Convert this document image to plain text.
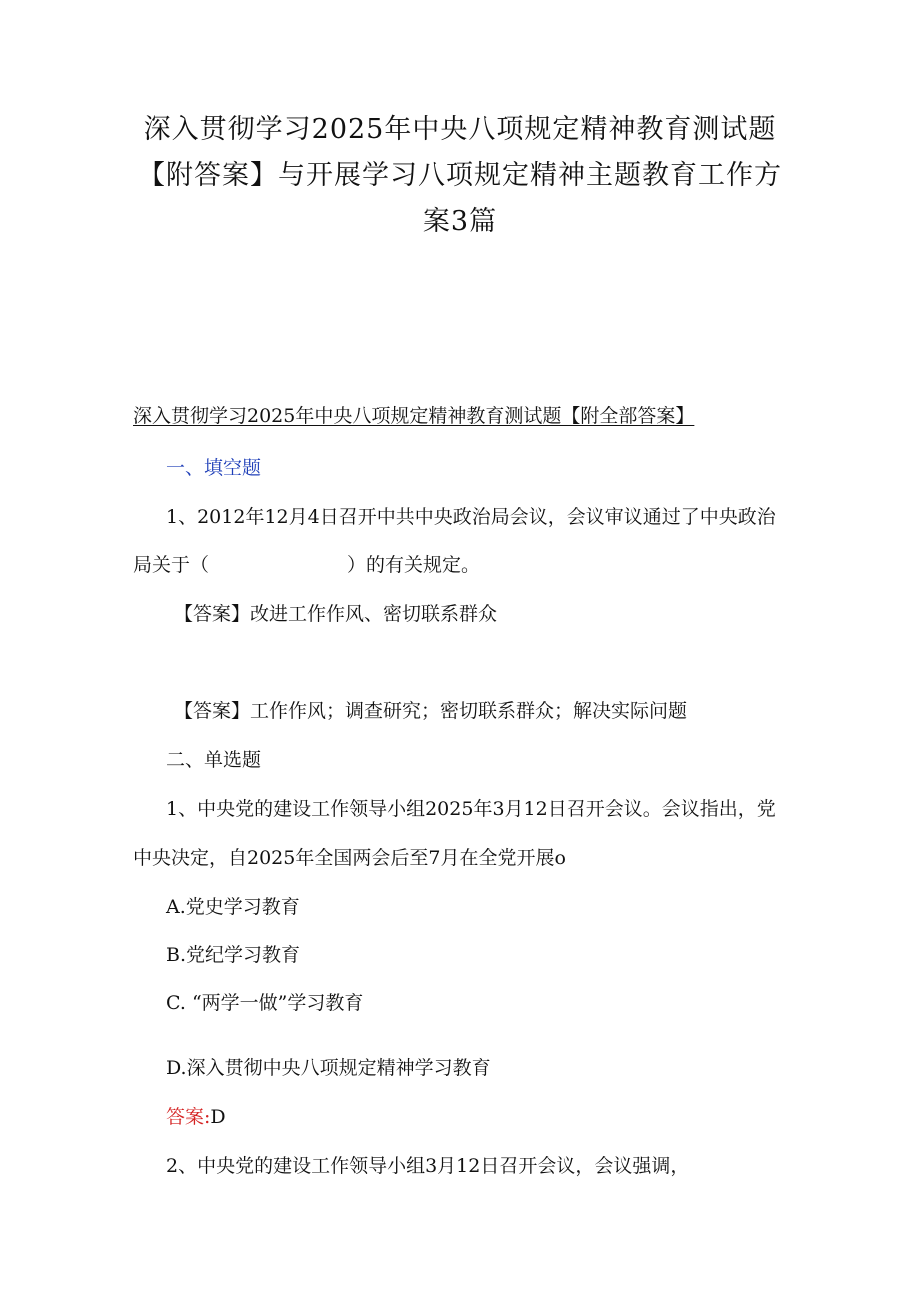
深入贯彻学习2025年中央八项规定精神教育测试题
【附答案】与开展学习八项规定精神主题教育工作方
案3篇
深入贯彻学习2025年中央八项规定精神教育测试题【附全部答案】
一、填空题
1、2012年12月4日召开中共中央政治局会议，会议审议通过了中央政治
局关于（	）的有关规定。
【答案】改进工作作风、密切联系群众
【答案】工作作风；调查研究；密切联系群众；解决实际问题
二、单选题
1、中央党的建设工作领导小组2025年3月12日召开会议。会议指出，党
中央决定，自2025年全国两会后至7月在全党开展o
A.党史学习教育
B.党纪学习教育
C. “两学一做”学习教育
D.深入贯彻中央八项规定精神学习教育
答案:D
2、中央党的建设工作领导小组3月12日召开会议，会议强调，
